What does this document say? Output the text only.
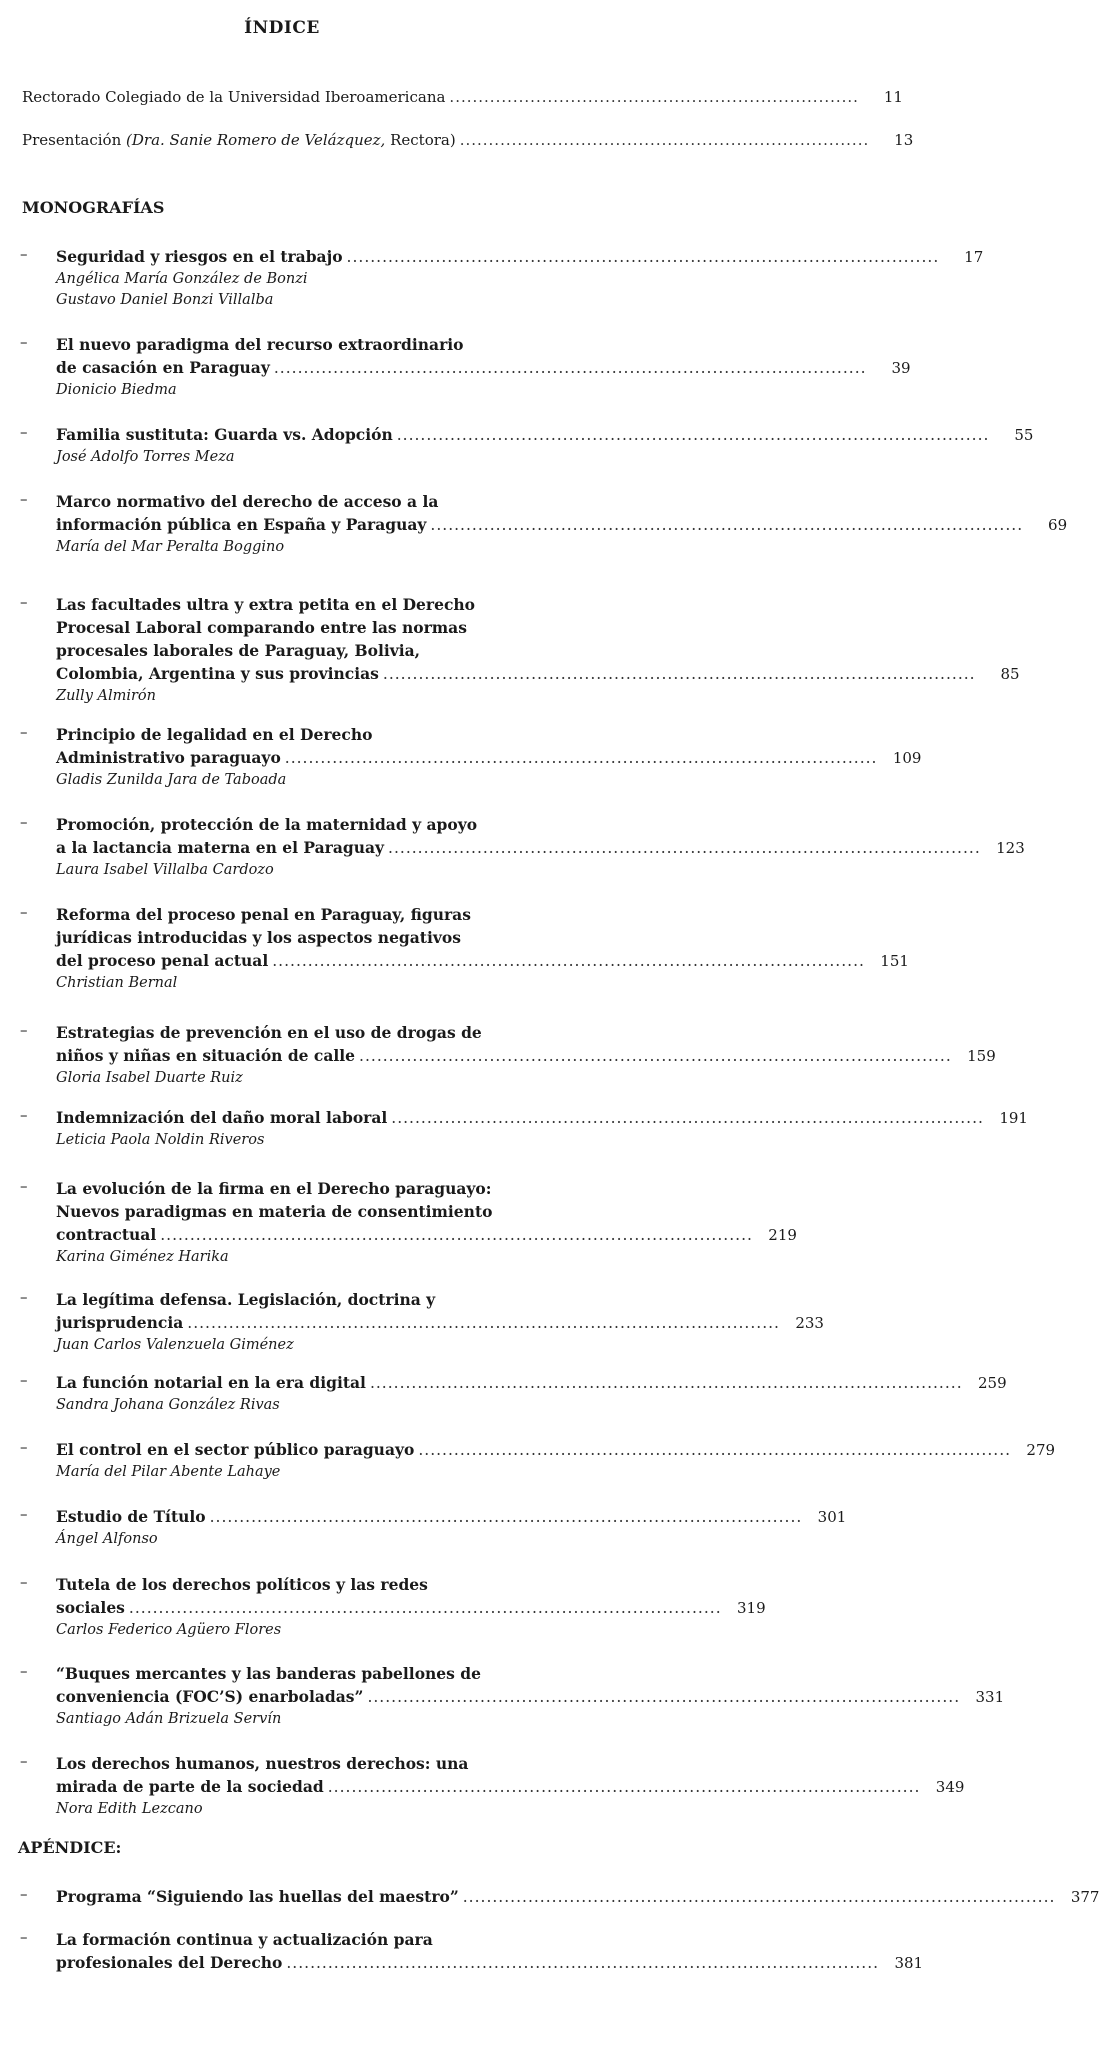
ÍNDICE
Rectorado Colegiado de la Universidad Iberoamericana .......................................................................	11
Presentación (Dra. Sanie Romero de Velázquez, Rectora) .......................................................................	13
MONOGRAFÍAS
– Seguridad y riesgos en el trabajo ....................................................................................................	17
Angélica María González de Bonzi
Gustavo Daniel Bonzi Villalba
– El nuevo paradigma del recurso extraordinario
de casación en Paraguay ....................................................................................................	39
Dionicio Biedma
– Familia sustituta: Guarda vs. Adopción ....................................................................................................	55
José Adolfo Torres Meza
– Marco normativo del derecho de acceso a la
información pública en España y Paraguay ....................................................................................................	69
María del Mar Peralta Boggino
– Las facultades ultra y extra petita en el Derecho
Procesal Laboral comparando entre las normas
procesales laborales de Paraguay, Bolivia,
Colombia, Argentina y sus provincias ....................................................................................................	85
Zully Almirón
– Principio de legalidad en el Derecho
Administrativo paraguayo ....................................................................................................	109
Gladis Zunilda Jara de Taboada
– Promoción, protección de la maternidad y apoyo
a la lactancia materna en el Paraguay ....................................................................................................	123
Laura Isabel Villalba Cardozo
– Reforma del proceso penal en Paraguay, figuras
jurídicas introducidas y los aspectos negativos
del proceso penal actual ....................................................................................................	151
Christian Bernal
– Estrategias de prevención en el uso de drogas de
niños y niñas en situación de calle ....................................................................................................	159
Gloria Isabel Duarte Ruiz
– Indemnización del daño moral laboral ....................................................................................................	191
Leticia Paola Noldin Riveros
– La evolución de la firma en el Derecho paraguayo:
Nuevos paradigmas en materia de consentimiento
contractual ....................................................................................................	219
Karina Giménez Harika
– La legítima defensa. Legislación, doctrina y
jurisprudencia ....................................................................................................	233
Juan Carlos Valenzuela Giménez
– La función notarial en la era digital ....................................................................................................	259
Sandra Johana González Rivas
– El control en el sector público paraguayo ....................................................................................................	279
María del Pilar Abente Lahaye
– Estudio de Título ....................................................................................................	301
Ángel Alfonso
– Tutela de los derechos políticos y las redes
sociales ....................................................................................................	319
Carlos Federico Agüero Flores
– “Buques mercantes y las banderas pabellones de
conveniencia (FOC’S) enarboladas” ....................................................................................................	331
Santiago Adán Brizuela Servín
– Los derechos humanos, nuestros derechos: una
mirada de parte de la sociedad ....................................................................................................	349
Nora Edith Lezcano
APÉNDICE:
– Programa “Siguiendo las huellas del maestro” ....................................................................................................	377
– La formación continua y actualización para
profesionales del Derecho ....................................................................................................	381
